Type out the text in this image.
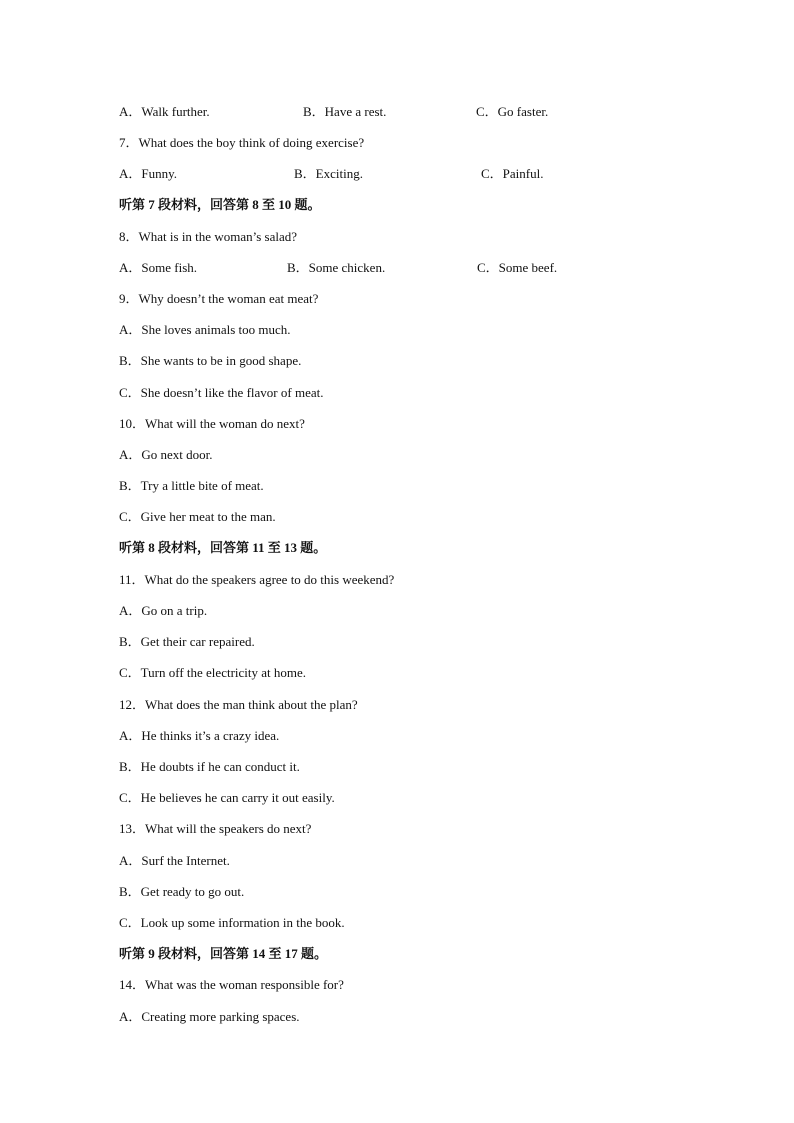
A．Walk further.	B．Have a rest.	C．Go faster.
7．What does the boy think of doing exercise?
A．Funny.	B．Exciting.	C．Painful.
听第 7 段材料，回答第 8 至 10 题。
8．What is in the woman’s salad?
A．Some fish.	B．Some chicken.	C．Some beef.
9．Why doesn’t the woman eat meat?
A．She loves animals too much.
B．She wants to be in good shape.
C．She doesn’t like the flavor of meat.
10．What will the woman do next?
A．Go next door.
B．Try a little bite of meat.
C．Give her meat to the man.
听第 8 段材料，回答第 11 至 13 题。
11．What do the speakers agree to do this weekend?
A．Go on a trip.
B．Get their car repaired.
C．Turn off the electricity at home.
12．What does the man think about the plan?
A．He thinks it’s a crazy idea.
B．He doubts if he can conduct it.
C．He believes he can carry it out easily.
13．What will the speakers do next?
A．Surf the Internet.
B．Get ready to go out.
C．Look up some information in the book.
听第 9 段材料，回答第 14 至 17 题。
14．What was the woman responsible for?
A．Creating more parking spaces.
